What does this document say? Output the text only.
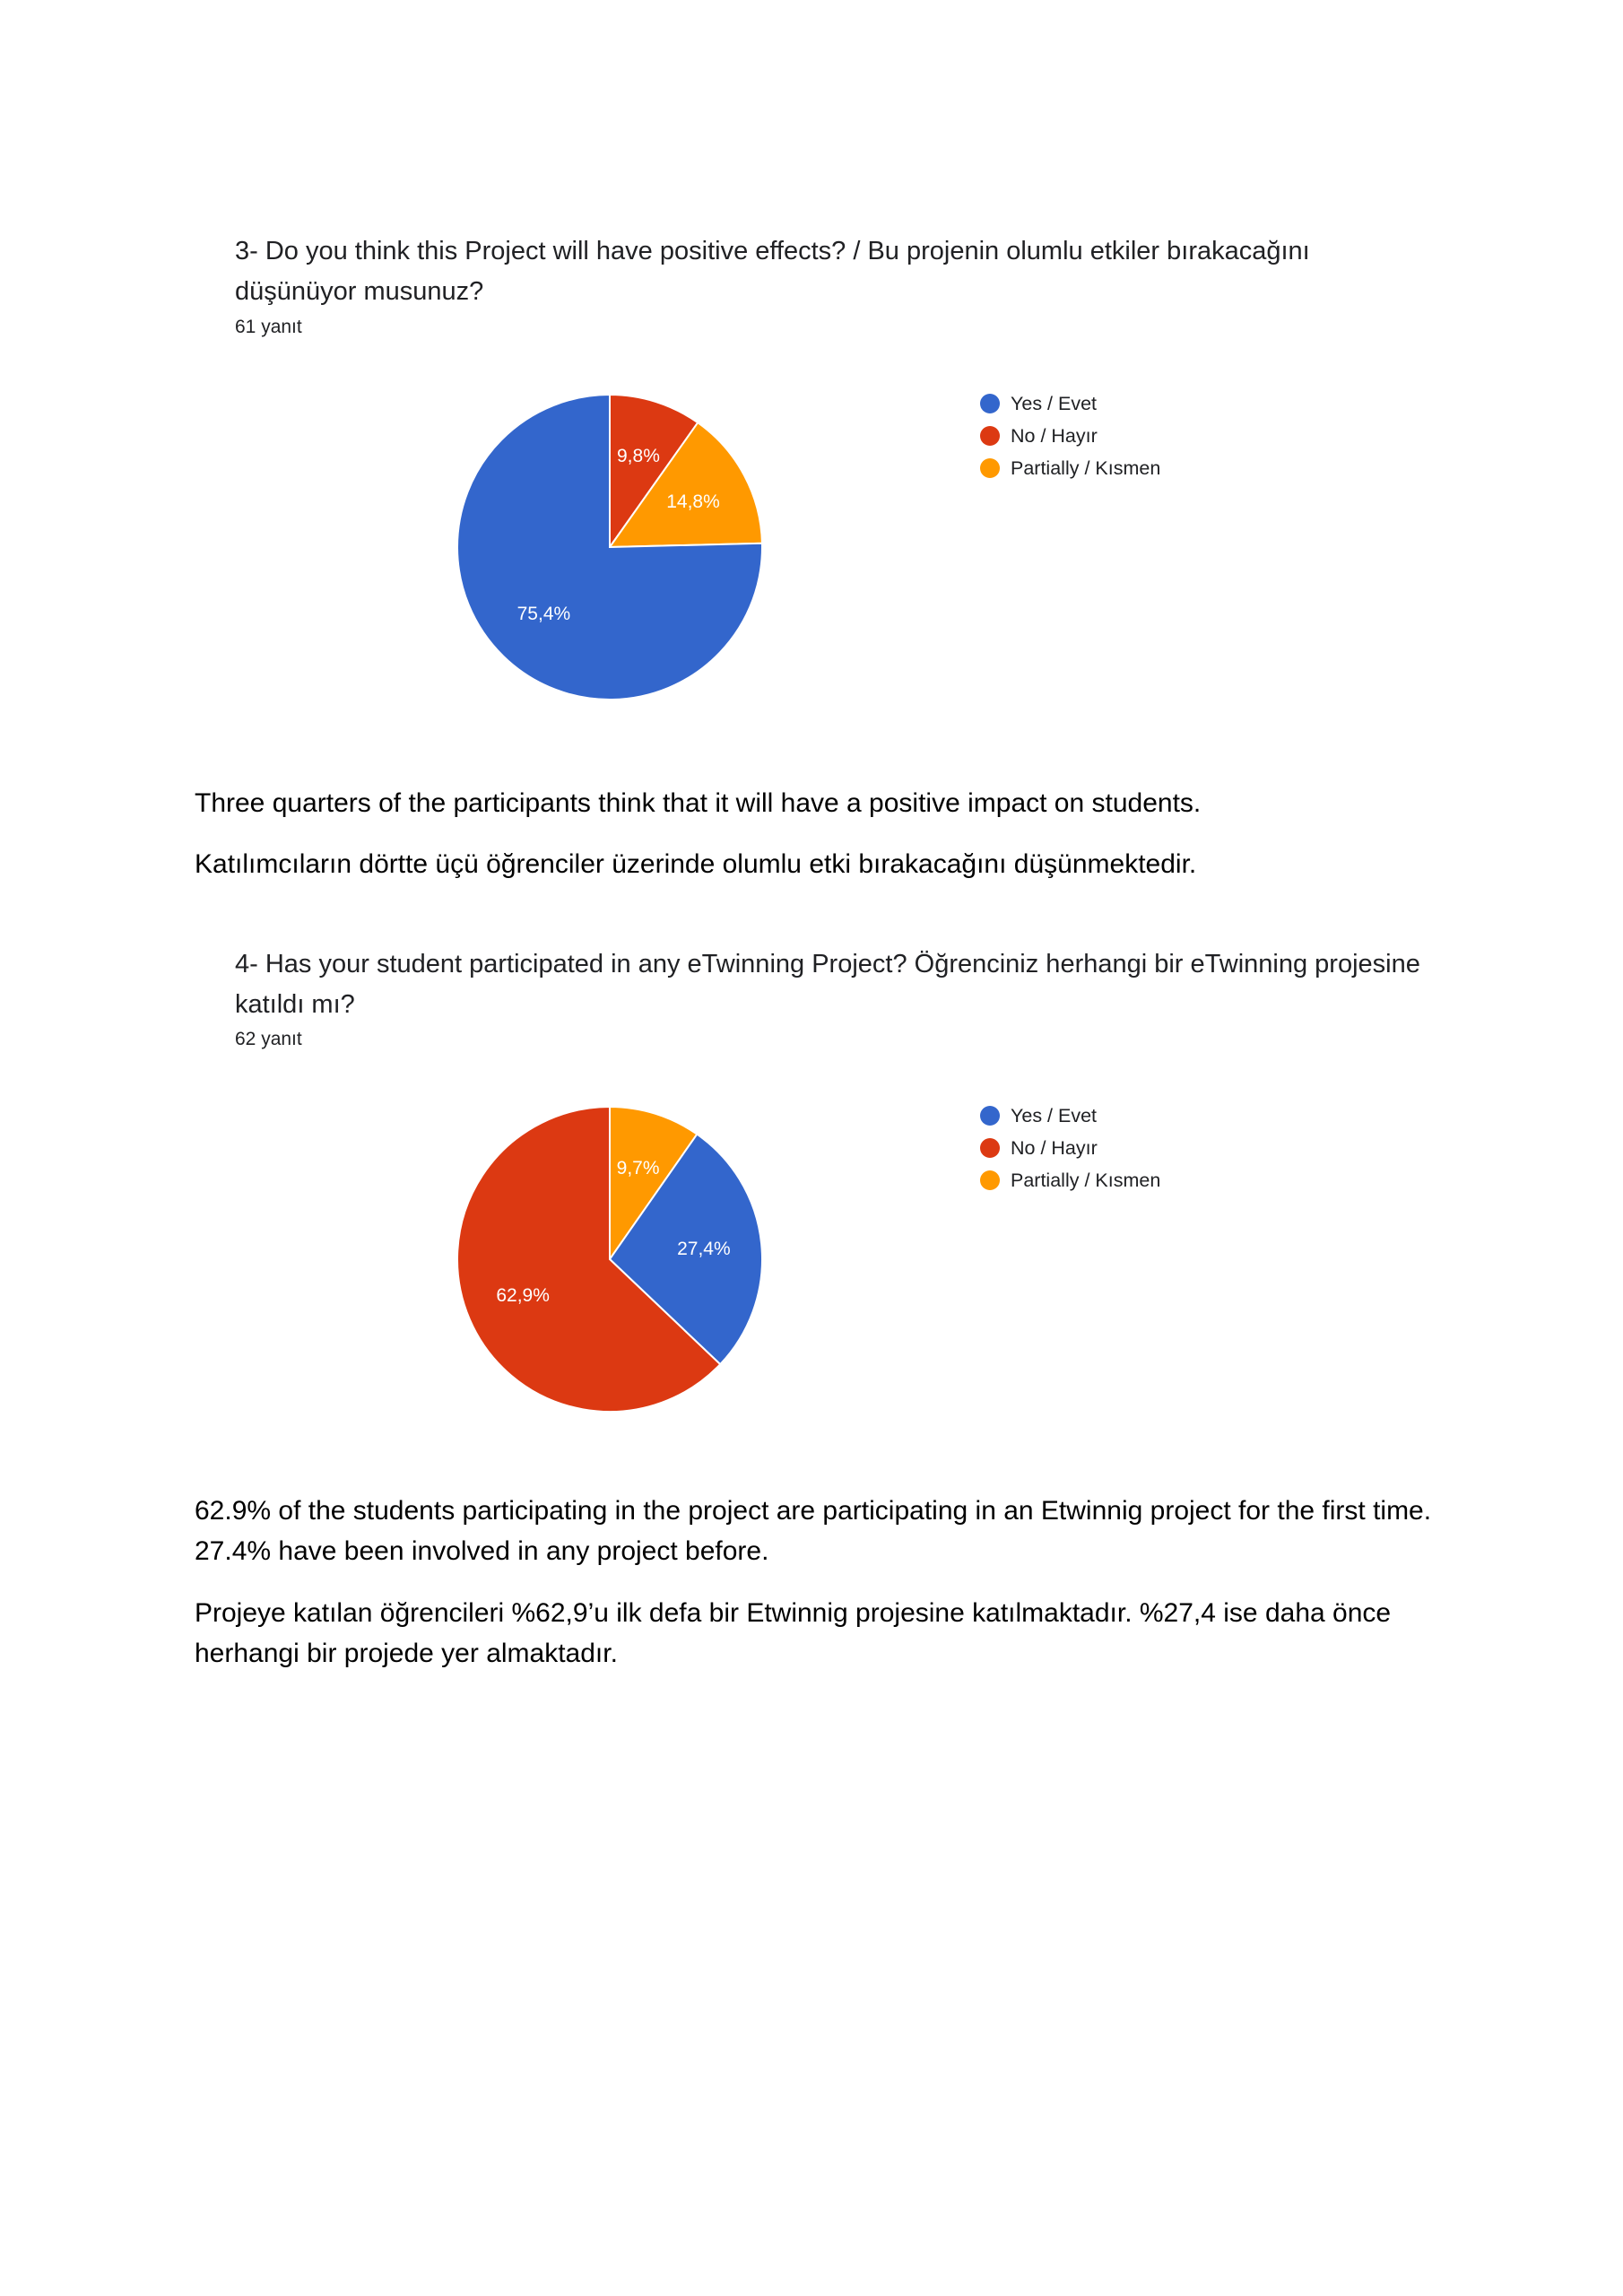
3- Do you think this Project will have positive effects? / Bu projenin olumlu etkiler bırakacağını düşünüyor musunuz?
61 yanıt
9,8%
14,8%
75,4%
Yes / Evet
No / Hayır
Partially / Kısmen

Three quarters of the participants think that it will have a positive impact on students.

Katılımcıların dörtte üçü öğrenciler üzerinde olumlu etki bırakacağını düşünmektedir.

4- Has your student participated in any eTwinning Project? Öğrenciniz herhangi bir eTwinning projesine katıldı mı?
62 yanıt
9,7%
27,4%
62,9%
Yes / Evet
No / Hayır
Partially / Kısmen

62.9% of the students participating in the project are participating in an Etwinnig project for the first time. 27.4% have been involved in any project before.

Projeye katılan öğrencileri %62,9’u ilk defa bir Etwinnig projesine katılmaktadır. %27,4 ise daha önce herhangi bir projede yer almaktadır.
